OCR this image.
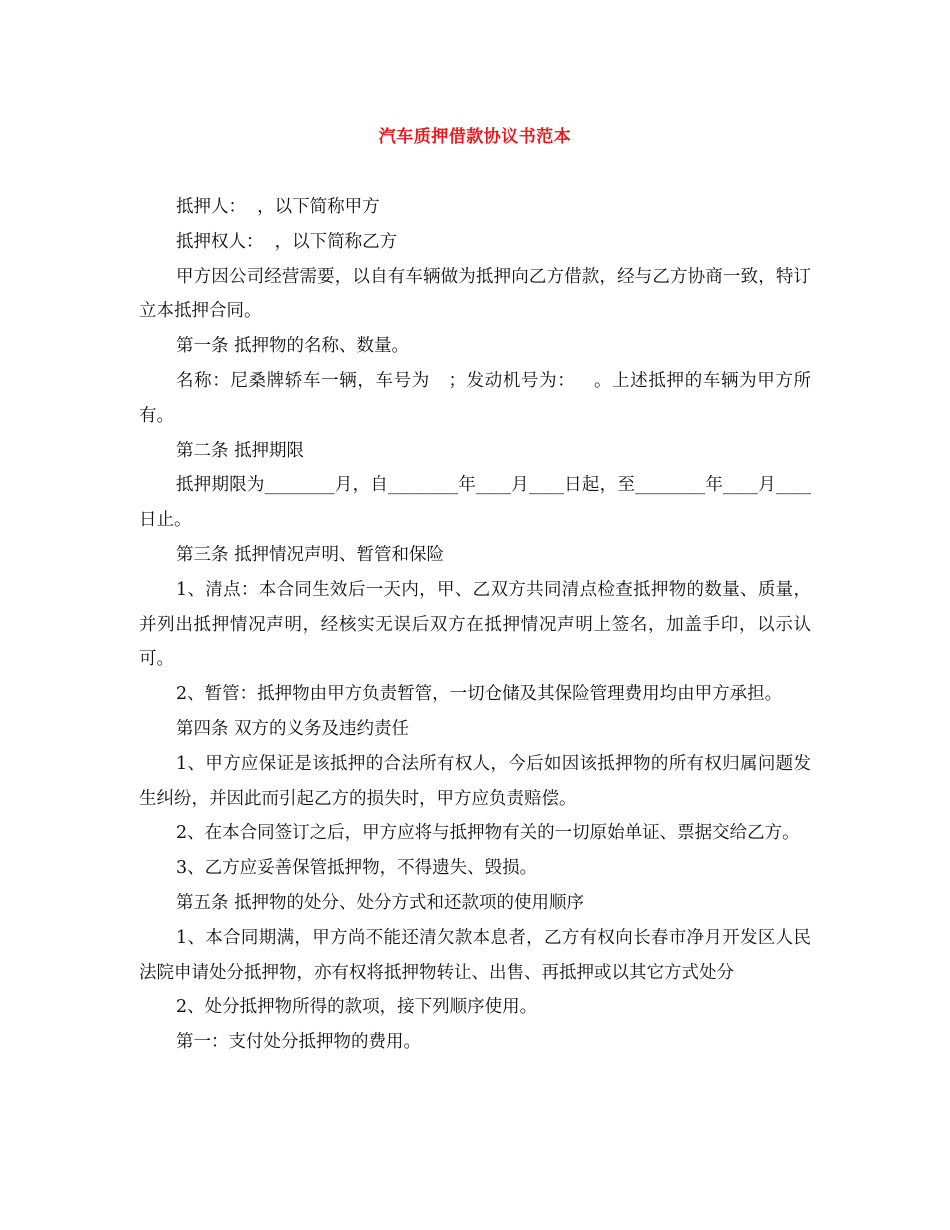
汽车质押借款协议书范本

抵押人：  ，以下简称甲方

抵押权人：  ，以下简称乙方

甲方因公司经营需要，以自有车辆做为抵押向乙方借款，经与乙方协商一致，特订立本抵押合同。

第一条 抵押物的名称、数量。

名称：尼桑牌轿车一辆，车号为   ；发动机号为：   。上述抵押的车辆为甲方所有。

第二条 抵押期限

抵押期限为________月，自________年____月____日起，至________年____月____日止。

第三条 抵押情况声明、暂管和保险

1、清点：本合同生效后一天内，甲、乙双方共同清点检查抵押物的数量、质量，并列出抵押情况声明，经核实无误后双方在抵押情况声明上签名，加盖手印，以示认可。

2、暂管：抵押物由甲方负责暂管，一切仓储及其保险管理费用均由甲方承担。

第四条 双方的义务及违约责任

1、甲方应保证是该抵押的合法所有权人，今后如因该抵押物的所有权归属问题发生纠纷，并因此而引起乙方的损失时，甲方应负责赔偿。

2、在本合同签订之后，甲方应将与抵押物有关的一切原始单证、票据交给乙方。

3、乙方应妥善保管抵押物，不得遗失、毁损。

第五条 抵押物的处分、处分方式和还款项的使用顺序

1、本合同期满，甲方尚不能还清欠款本息者，乙方有权向长春市净月开发区人民法院申请处分抵押物，亦有权将抵押物转让、出售、再抵押或以其它方式处分

2、处分抵押物所得的款项，接下列顺序使用。

第一：支付处分抵押物的费用。
